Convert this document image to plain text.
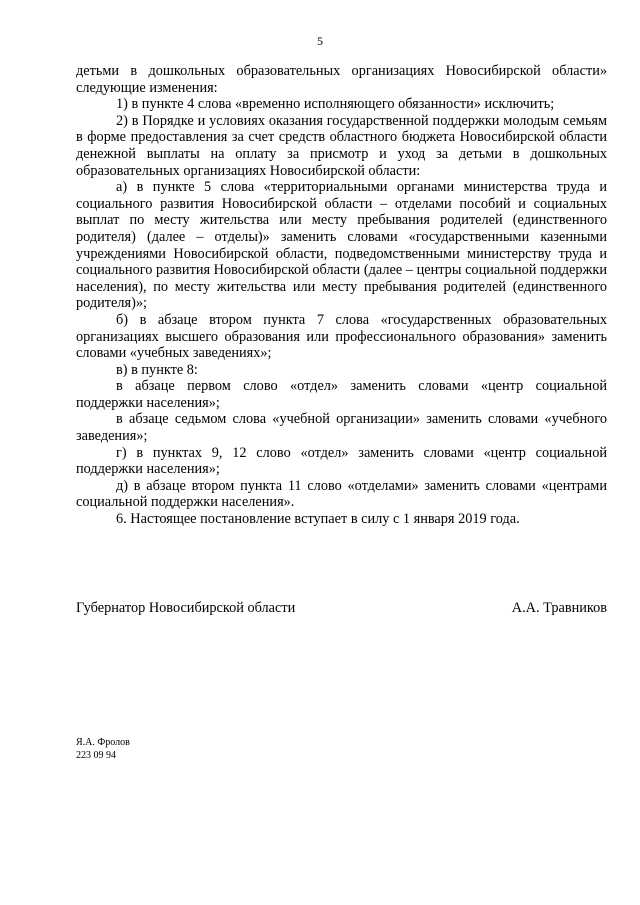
5

детьми в дошкольных образовательных организациях Новосибирской области» следующие изменения:

1) в пункте 4 слова «временно исполняющего обязанности» исключить;

2) в Порядке и условиях оказания государственной поддержки молодым семьям в форме предоставления за счет средств областного бюджета Новосибирской области денежной выплаты на оплату за присмотр и уход за детьми в дошкольных образовательных организациях Новосибирской области:

а) в пункте 5 слова «территориальными органами министерства труда и социального развития Новосибирской области – отделами пособий и социальных выплат по месту жительства или месту пребывания родителей (единственного родителя) (далее – отделы)» заменить словами «государственными казенными учреждениями Новосибирской области, подведомственными министерству труда и социального развития Новосибирской области (далее – центры социальной поддержки населения), по месту жительства или месту пребывания родителей (единственного родителя)»;

б) в абзаце втором пункта 7 слова «государственных образовательных организациях высшего образования или профессионального образования» заменить словами «учебных заведениях»;

в) в пункте 8:

в абзаце первом слово «отдел» заменить словами «центр социальной поддержки населения»;

в абзаце седьмом слова «учебной организации» заменить словами «учебного заведения»;

г) в пунктах 9, 12 слово «отдел» заменить словами «центр социальной поддержки населения»;

д) в абзаце втором пункта 11 слово «отделами» заменить словами «центрами социальной поддержки населения».

6. Настоящее постановление вступает в силу с 1 января 2019 года.

Губернатор Новосибирской области	А.А. Травников
Я.А. Фролов
223 09 94
